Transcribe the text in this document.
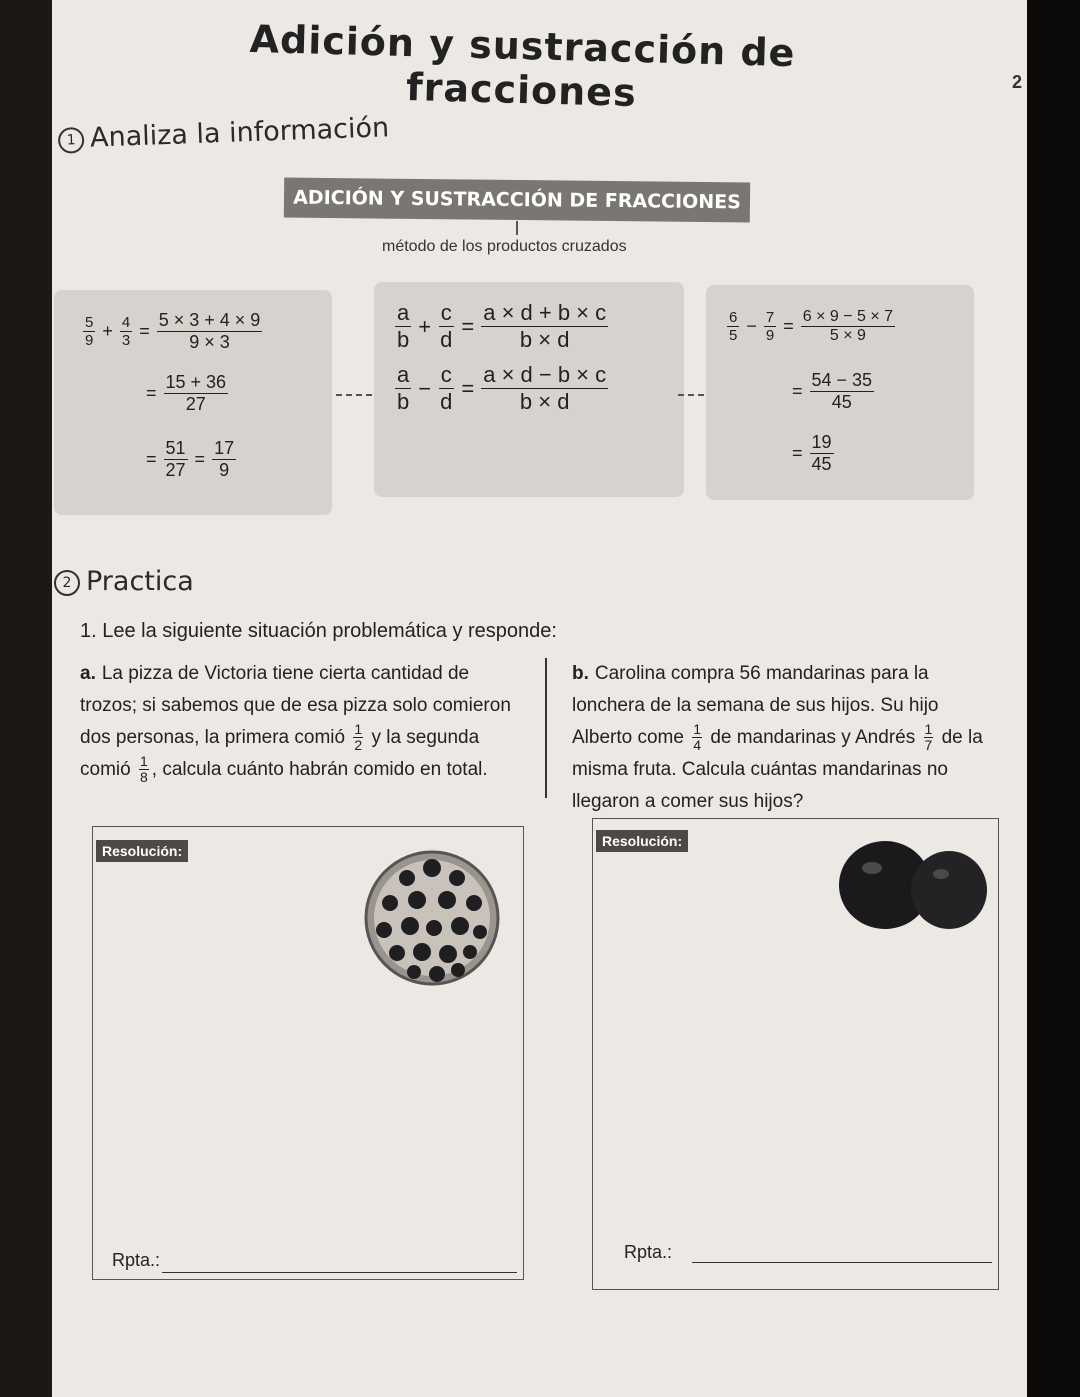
Adición y sustracción de fracciones
1 Analiza la información
ADICIÓN Y SUSTRACCIÓN DE FRACCIONES
método de los productos cruzados
$\frac{5}{9} + \frac{4}{3} = \frac{5 \times 3 + 4 \times 9}{9 \times 3}$
= $\frac{15 + 36}{27}$
= $\frac{51}{27} = \frac{17}{9}$
$\frac{a}{b} + \frac{c}{d} = \frac{a \times d + b \times c}{b \times d}$
$\frac{a}{b} - \frac{c}{d} = \frac{a \times d - b \times c}{b \times d}$
$\frac{6}{5} - \frac{7}{9} = \frac{6 \times 9 - 5 \times 7}{5 \times 9}$
= $\frac{54 - 35}{45}$
= $\frac{19}{45}$
2 Practica
1. Lee la siguiente situación problemática y responde:
a. La pizza de Victoria tiene cierta cantidad de trozos; si sabemos que de esa pizza solo comieron dos personas, la primera comió $\frac{1}{2}$ y la segunda comió $\frac{1}{8}$ , calcula cuánto habrán comido en total.
b. Carolina compra 56 mandarinas para la lonchera de la semana de sus hijos. Su hijo Alberto come $\frac{1}{4}$ de mandarinas y Andrés $\frac{1}{7}$ de la misma fruta. Calcula cuántas mandarinas no llegaron a comer sus hijos?
Resolución:
Rpta.:
Resolución:
Rpta.:
2
